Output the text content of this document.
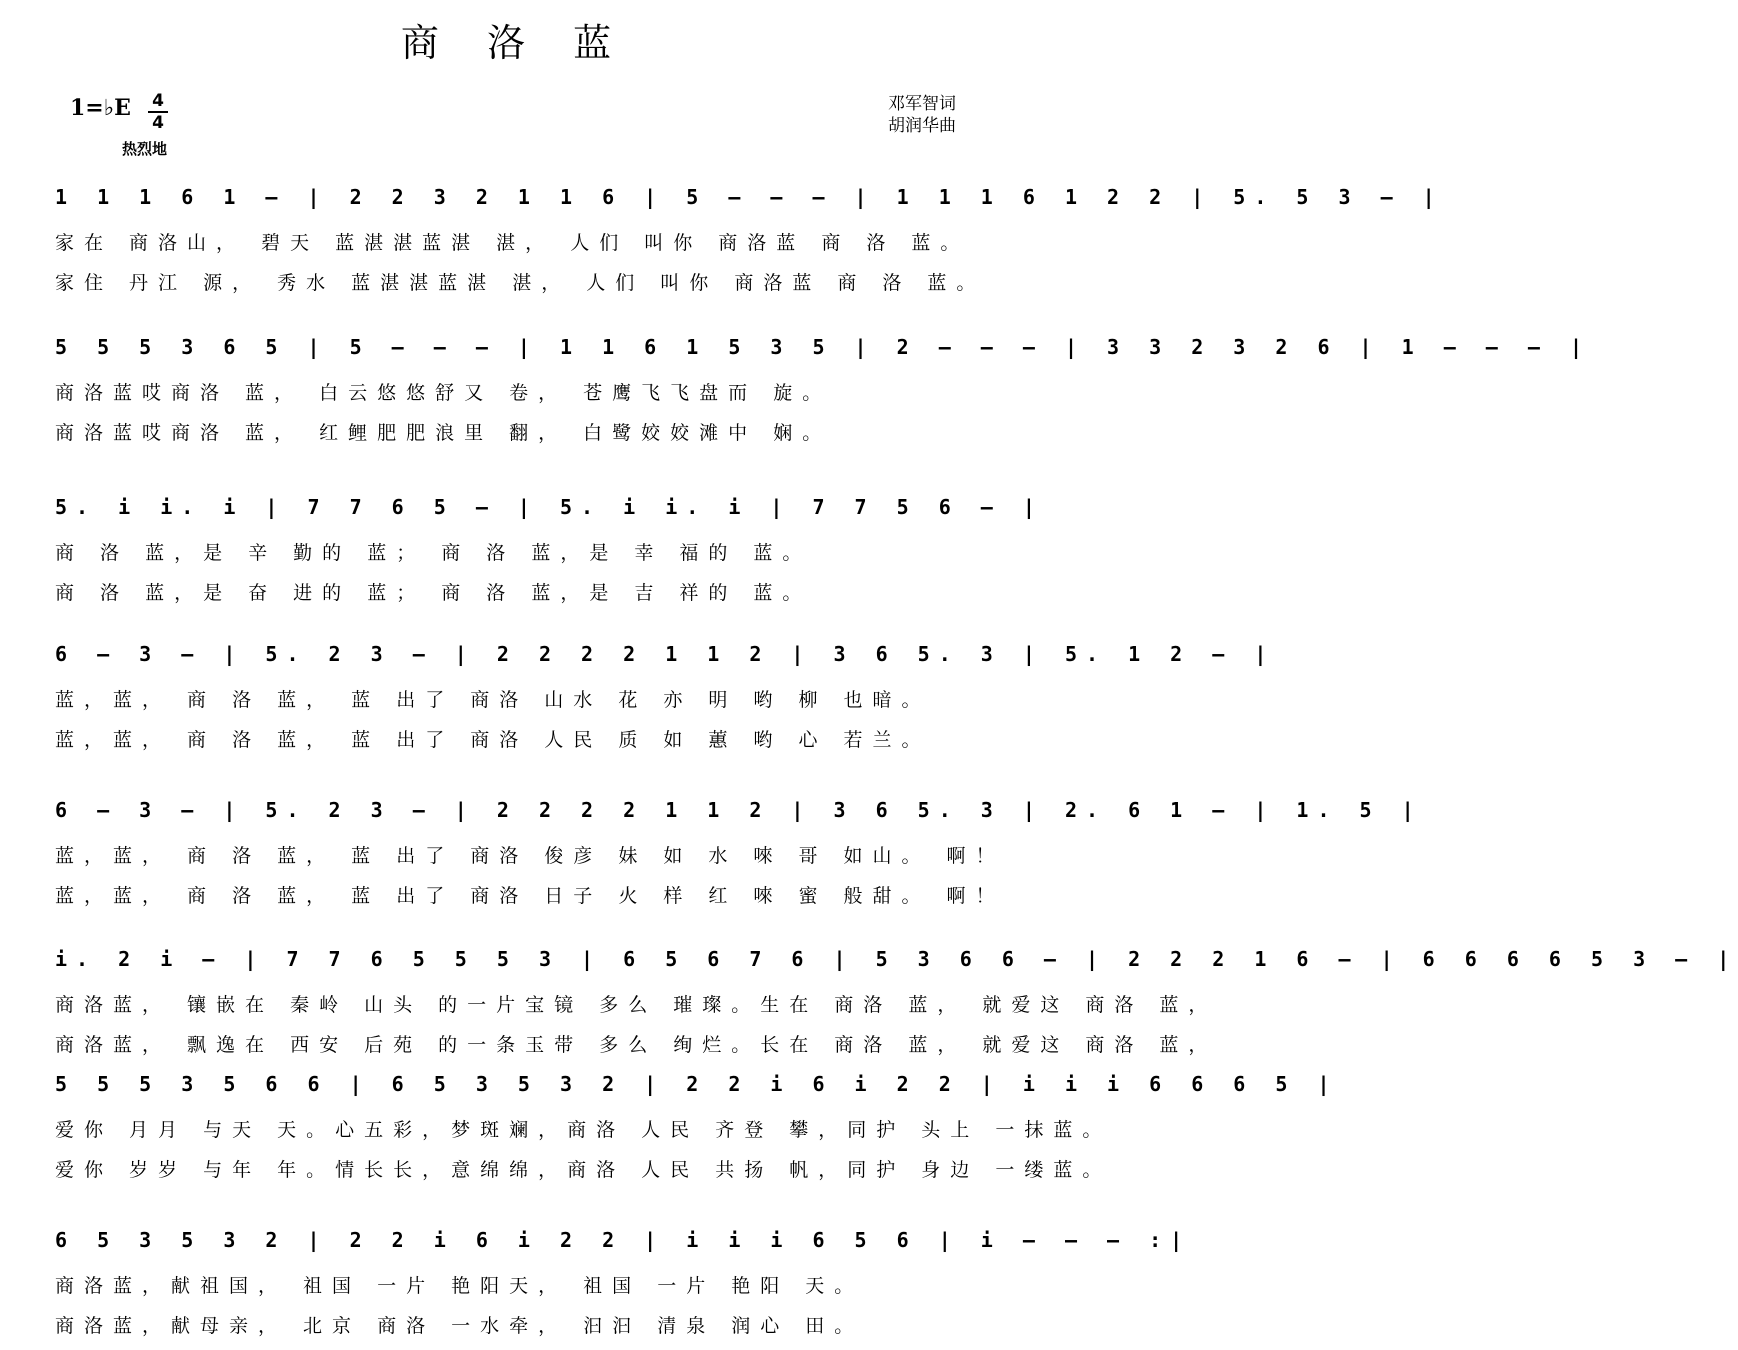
商 洛 蓝
1=♭E 4
4
热烈地
邓军智词
胡润华曲
1 1 1 6 1 – | 2 2 3 2 1 1 6 | 5 – – – | 1 1 1 6 1 2 2 | 5. 5 3 – |
家在 商洛山， 碧天 蓝湛湛蓝湛 湛， 人们 叫你 商洛蓝 商 洛 蓝。
家住 丹江 源， 秀水 蓝湛湛蓝湛 湛， 人们 叫你 商洛蓝 商 洛 蓝。
5 5 5 3 6 5 | 5 – – – | 1 1 6 1 5 3 5 | 2 – – – | 3 3 2 3 2 6 | 1 – – – |
商洛蓝哎商洛 蓝， 白云悠悠舒又 卷， 苍鹰飞飞盘而 旋。
商洛蓝哎商洛 蓝， 红鲤肥肥浪里 翻， 白鹭姣姣滩中 娴。
5. i i. i | 7 7 6 5 – | 5. i i. i | 7 7 5 6 – |
商 洛 蓝，是 辛 勤的 蓝； 商 洛 蓝，是 幸 福的 蓝。
商 洛 蓝，是 奋 进的 蓝； 商 洛 蓝，是 吉 祥的 蓝。
6 – 3 – | 5. 2 3 – | 2 2 2 2 1 1 2 | 3 6 5. 3 | 5. 1 2 – |
蓝，蓝， 商 洛 蓝， 蓝 出了 商洛 山水 花 亦 明 哟 柳 也暗。
蓝，蓝， 商 洛 蓝， 蓝 出了 商洛 人民 质 如 蕙 哟 心 若兰。
6 – 3 – | 5. 2 3 – | 2 2 2 2 1 1 2 | 3 6 5. 3 | 2. 6 1 – | 1. 5 |
蓝，蓝， 商 洛 蓝， 蓝 出了 商洛 俊彦 妹 如 水 唻 哥 如山。 啊！
蓝，蓝， 商 洛 蓝， 蓝 出了 商洛 日子 火 样 红 唻 蜜 般甜。 啊！
i. 2 i – | 7 7 6 5 5 5 3 | 6 5 6 7 6 | 5 3 6 6 – | 2 2 2 1 6 – | 6 6 6 6 5 3 – |
商洛蓝， 镶嵌在 秦岭 山头 的一片宝镜 多么 璀璨。生在 商洛 蓝， 就爱这 商洛 蓝，
商洛蓝， 飘逸在 西安 后苑 的一条玉带 多么 绚烂。长在 商洛 蓝， 就爱这 商洛 蓝，
5 5 5 3 5 6 6 | 6 5 3 5 3 2 | 2 2 i 6 i 2 2 | i i i 6 6 6 5 |
爱你 月月 与天 天。心五彩，梦斑斓，商洛 人民 齐登 攀，同护 头上 一抹蓝。
爱你 岁岁 与年 年。情长长，意绵绵，商洛 人民 共扬 帆，同护 身边 一缕蓝。
6 5 3 5 3 2 | 2 2 i 6 i 2 2 | i i i 6 5 6 | i – – – :|
商洛蓝，献祖国， 祖国 一片 艳阳天， 祖国 一片 艳阳 天。
商洛蓝，献母亲， 北京 商洛 一水牵， 汩汩 清泉 润心 田。
